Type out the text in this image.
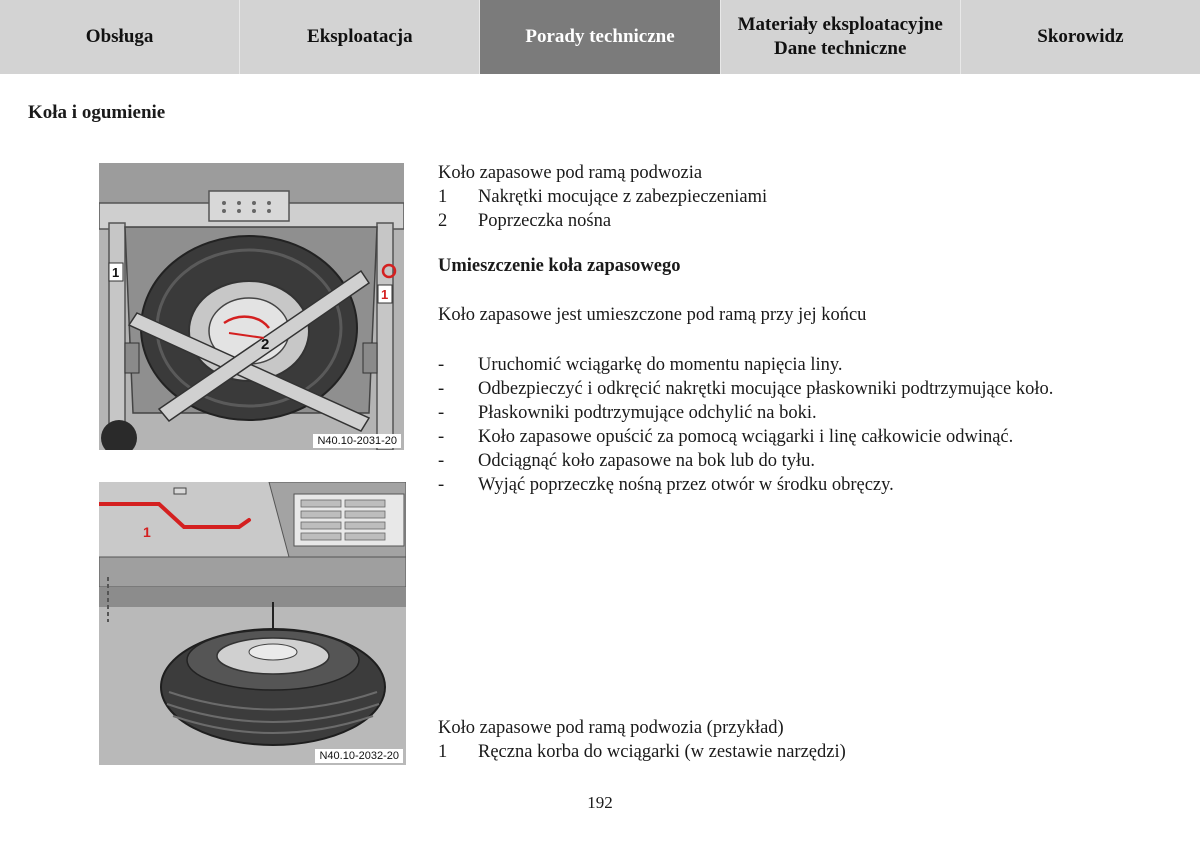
Obsługa	Eksploatacja	Porady techniczne
Materiały eksploatacyjne
Dane techniczne
Skorowidz
Koła i ogumienie
1
1
2
N40.10-2031-20
1
N40.10-2032-20
Koło zapasowe pod ramą podwozia
1 Nakrętki mocujące z zabezpieczeniami
2 Poprzeczka nośna
Umieszczenie koła zapasowego
Koło zapasowe jest umieszczone pod ramą przy jej końcu
-	Uruchomić wciągarkę do momentu napięcia liny.
-	Odbezpieczyć i odkręcić nakrętki mocujące płaskowniki podtrzymujące koło.
-	Płaskowniki podtrzymujące odchylić na boki.
-	Koło zapasowe opuścić za pomocą wciągarki i linę całkowicie odwinąć.
-	Odciągnąć koło zapasowe na bok lub do tyłu.
-	Wyjąć poprzeczkę nośną przez otwór w środku obręczy.
Koło zapasowe pod ramą podwozia (przykład)
1 Ręczna korba do wciągarki (w zestawie narzędzi)
192
